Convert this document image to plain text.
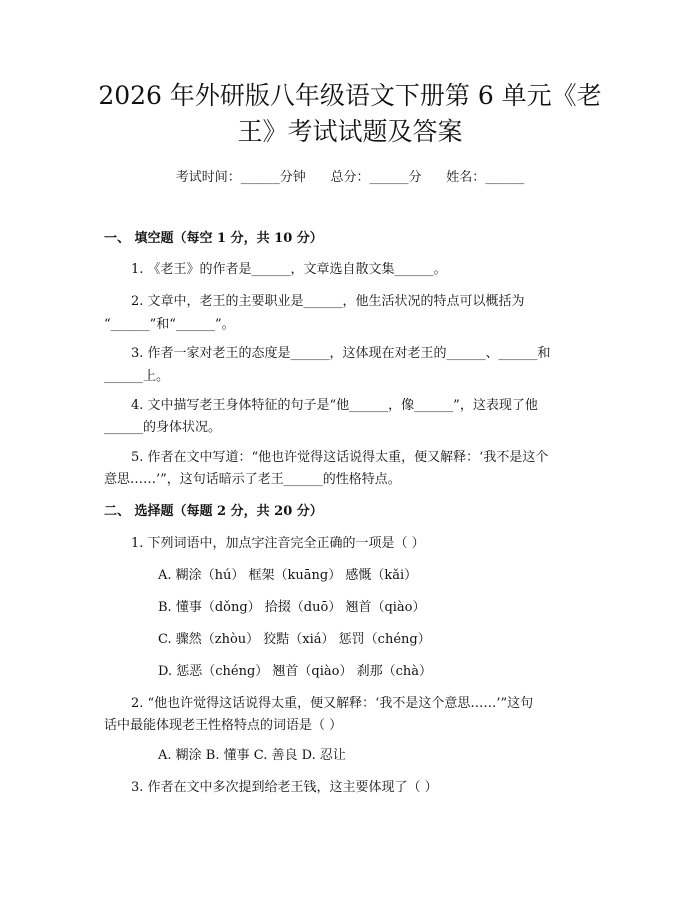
2026 年外研版八年级语文下册第 6 单元《老
王》考试试题及答案
考试时间：______分钟      总分：______分      姓名：______
一、 填空题（每空 1 分，共 10 分）
1. 《老王》的作者是______，文章选自散文集______。
2. 文章中，老王的主要职业是______，他生活状况的特点可以概括为
“______”和“______”。
3. 作者一家对老王的态度是______，这体现在对老王的______、______和
______上。
4. 文中描写老王身体特征的句子是“他______，像______”，这表现了他
______的身体状况。
5. 作者在文中写道：“他也许觉得这话说得太重，便又解释：‘我不是这个
意思……’”，这句话暗示了老王______的性格特点。
二、 选择题（每题 2 分，共 20 分）
1. 下列词语中，加点字注音完全正确的一项是（ ）
A. 糊涂（hú） 框架（kuāng） 感慨（kǎi）
B. 懂事（dǒng） 拾掇（duō） 翘首（qiào）
C. 骤然（zhòu） 狡黠（xiá） 惩罚（chéng）
D. 惩恶（chéng） 翘首（qiào） 刹那（chà）
2. “他也许觉得这话说得太重，便又解释：‘我不是这个意思……’”这句
话中最能体现老王性格特点的词语是（ ）
A. 糊涂 B. 懂事 C. 善良 D. 忍让
3. 作者在文中多次提到给老王钱，这主要体现了（ ）
